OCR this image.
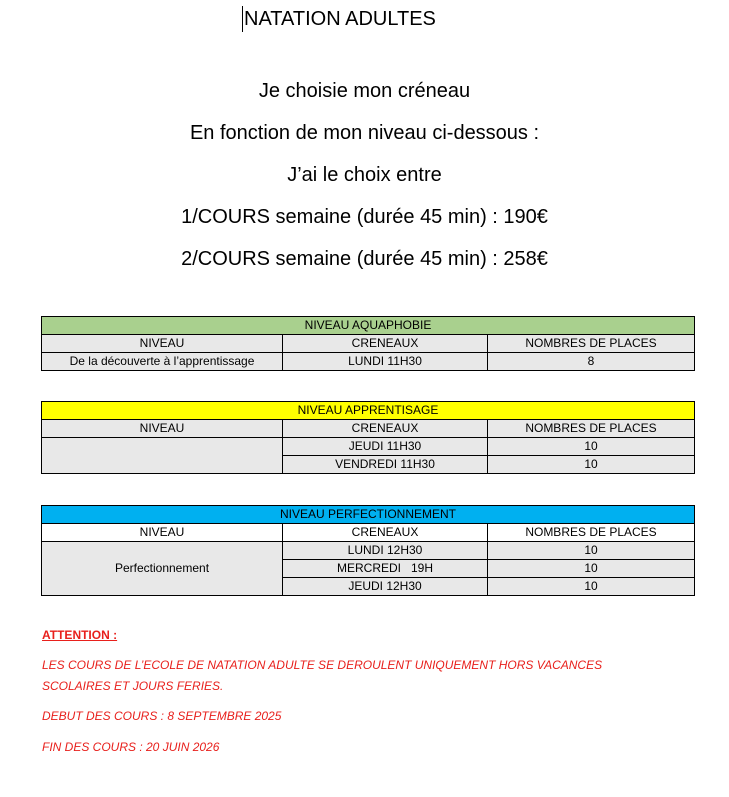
NATATION ADULTES
Je choisie mon créneau
En fonction de mon niveau ci-dessous :
J’ai le choix entre
1/COURS semaine (durée 45 min) : 190€
2/COURS semaine (durée 45 min) : 258€
NIVEAU AQUAPHOBIE		
NIVEAU	CRENEAUX	NOMBRES DE PLACES
De la découverte à l’apprentissage	LUNDI 11H30	8
NIVEAU APPRENTISAGE		
NIVEAU	CRENEAUX	NOMBRES DE PLACES
	JEUDI 11H30	10
	VENDREDI 11H30	10
NIVEAU PERFECTIONNEMENT		
NIVEAU	CRENEAUX	NOMBRES DE PLACES
Perfectionnement	LUNDI 12H30	10
	MERCREDI   19H	10
	JEUDI 12H30	10
ATTENTION :
LES COURS DE L’ECOLE DE NATATION ADULTE SE DEROULENT UNIQUEMENT HORS VACANCES
SCOLAIRES ET JOURS FERIES.
DEBUT DES COURS : 8 SEPTEMBRE 2025
FIN DES COURS : 20 JUIN 2026
